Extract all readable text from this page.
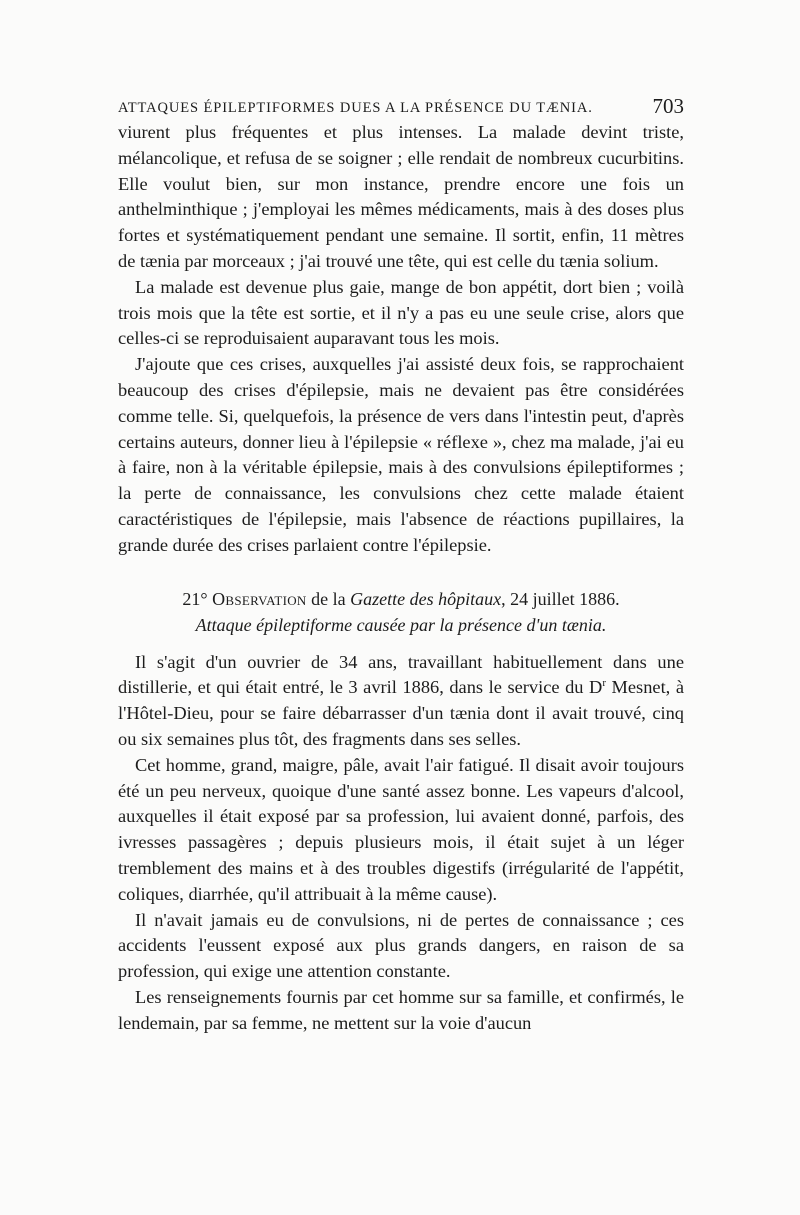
ATTAQUES ÉPILEPTIFORMES DUES A LA PRÉSENCE DU TÆNIA.	703

viurent plus fréquentes et plus intenses. La malade devint triste, mélancolique, et refusa de se soigner ; elle rendait de nombreux cucurbitins. Elle voulut bien, sur mon instance, prendre encore une fois un anthelminthique ; j'employai les mêmes médicaments, mais à des doses plus fortes et systématiquement pendant une semaine. Il sortit, enfin, 11 mètres de tænia par morceaux ; j'ai trouvé une tête, qui est celle du tænia solium.

La malade est devenue plus gaie, mange de bon appétit, dort bien ; voilà trois mois que la tête est sortie, et il n'y a pas eu une seule crise, alors que celles-ci se reproduisaient auparavant tous les mois.

J'ajoute que ces crises, auxquelles j'ai assisté deux fois, se rapprochaient beaucoup des crises d'épilepsie, mais ne devaient pas être considérées comme telle. Si, quelquefois, la présence de vers dans l'intestin peut, d'après certains auteurs, donner lieu à l'épilepsie « réflexe », chez ma malade, j'ai eu à faire, non à la véritable épilepsie, mais à des convulsions épileptiformes ; la perte de connaissance, les convulsions chez cette malade étaient caractéristiques de l'épilepsie, mais l'absence de réactions pupillaires, la grande durée des crises parlaient contre l'épilepsie.

21° Observation de la Gazette des hôpitaux, 24 juillet 1886.

Attaque épileptiforme causée par la présence d'un tænia.

Il s'agit d'un ouvrier de 34 ans, travaillant habituellement dans une distillerie, et qui était entré, le 3 avril 1886, dans le service du $D^r$ Mesnet, à l'Hôtel-Dieu, pour se faire débarrasser d'un tænia dont il avait trouvé, cinq ou six semaines plus tôt, des fragments dans ses selles.

Cet homme, grand, maigre, pâle, avait l'air fatigué. Il disait avoir toujours été un peu nerveux, quoique d'une santé assez bonne. Les vapeurs d'alcool, auxquelles il était exposé par sa profession, lui avaient donné, parfois, des ivresses passagères ; depuis plusieurs mois, il était sujet à un léger tremblement des mains et à des troubles digestifs (irrégularité de l'appétit, coliques, diarrhée, qu'il attribuait à la même cause).

Il n'avait jamais eu de convulsions, ni de pertes de connaissance ; ces accidents l'eussent exposé aux plus grands dangers, en raison de sa profession, qui exige une attention constante.

Les renseignements fournis par cet homme sur sa famille, et confirmés, le lendemain, par sa femme, ne mettent sur la voie d'aucun
